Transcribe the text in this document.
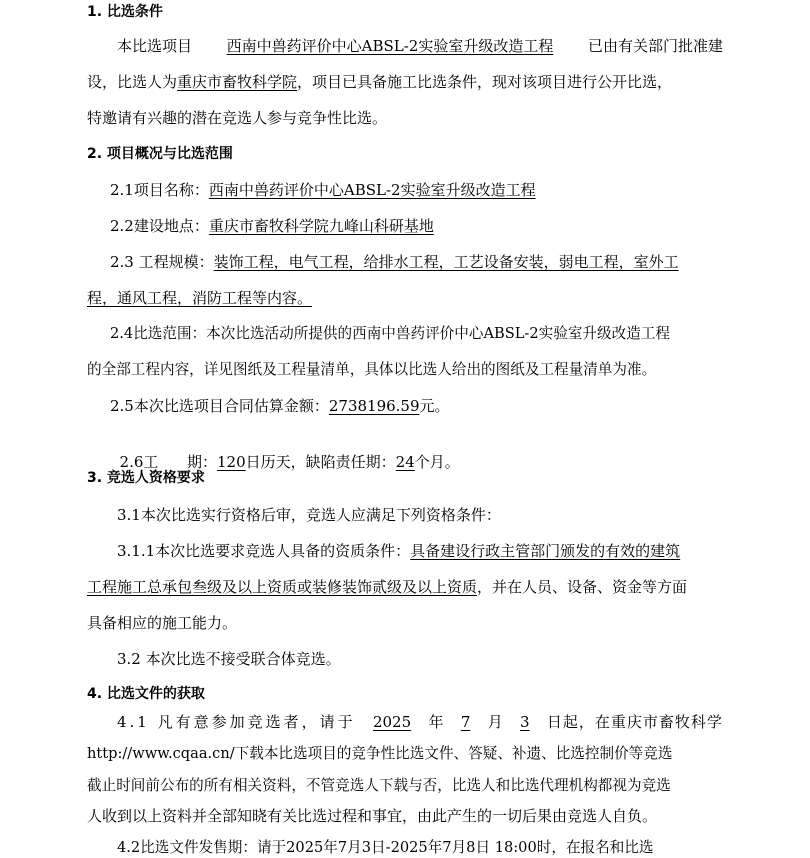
1. 比选条件
本比选项目 西南中兽药评价中心ABSL-2实验室升级改造工程 已由有关部门批准建
设，比选人为重庆市畜牧科学院，项目已具备施工比选条件，现对该项目进行公开比选，
特邀请有兴趣的潜在竞选人参与竞争性比选。
2. 项目概况与比选范围
2.1项目名称：西南中兽药评价中心ABSL-2实验室升级改造工程
2.2建设地点：重庆市畜牧科学院九峰山科研基地
2.3 工程规模：装饰工程，电气工程，给排水工程，工艺设备安装，弱电工程，室外工
程，通风工程，消防工程等内容。
2.4比选范围：本次比选活动所提供的西南中兽药评价中心ABSL-2实验室升级改造工程
的全部工程内容，详见图纸及工程量清单，具体以比选人给出的图纸及工程量清单为准。
2.5本次比选项目合同估算金额：2738196.59元。

2.6工      期：120日历天，缺陷责任期：24个月。

3. 竞选人资格要求
3.1本次比选实行资格后审，竞选人应满足下列资格条件：
3.1.1本次比选要求竞选人具备的资质条件：具备建设行政主管部门颁发的有效的建筑
工程施工总承包叁级及以上资质或装修装饰贰级及以上资质，并在人员、设备、资金等方面
具备相应的施工能力。
3.2 本次比选不接受联合体竞选。
4. 比选文件的获取
4.1 凡有意参加竞选者，请于 2025 年 7 月 3 日起，在重庆市畜牧科学
http://www.cqaa.cn/下载本比选项目的竞争性比选文件、答疑、补遗、比选控制价等竞选
截止时间前公布的所有相关资料，不管竞选人下载与否，比选人和比选代理机构都视为竞选
人收到以上资料并全部知晓有关比选过程和事宜，由此产生的一切后果由竞选人自负。
4.2比选文件发售期：请于2025年7月3日-2025年7月8日 18:00时，在报名和比选
